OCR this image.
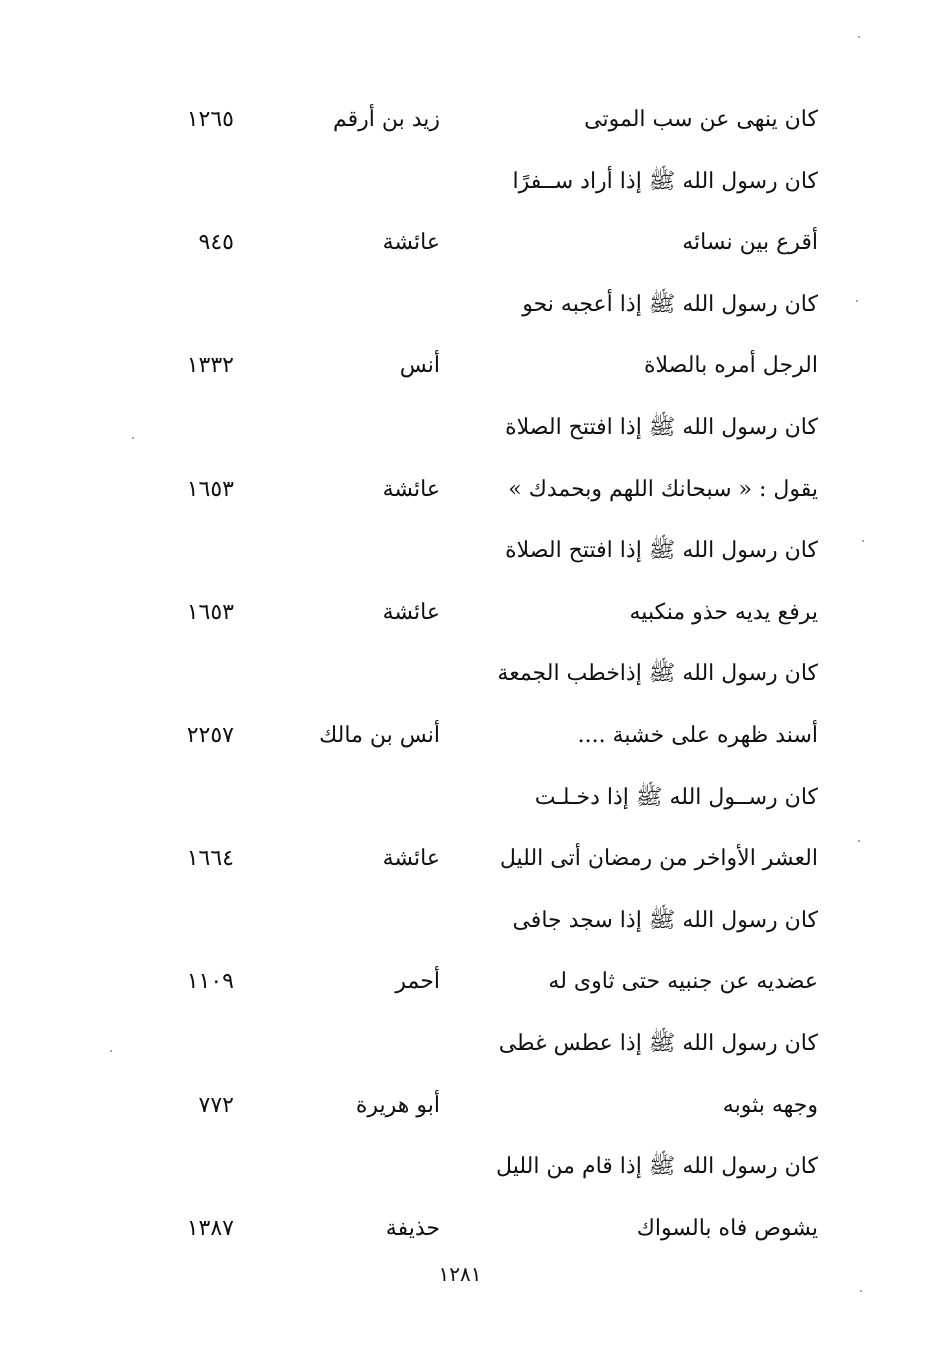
كان ينهى عن سب الموتى
زيد بن أرقم
١٢٦٥
كان رسول الله ﷺ إذا أراد ســفرًا
أقرع بين نسائه
عائشة
٩٤٥
كان رسول الله ﷺ إذا أعجبه نحو
الرجل أمره بالصلاة
أنس
١٣٣٢
كان رسول الله ﷺ إذا افتتح الصلاة
يقول : « سبحانك اللهم وبحمدك »
عائشة
١٦٥٣
كان رسول الله ﷺ إذا افتتح الصلاة
يرفع يديه حذو منكبيه
عائشة
١٦٥٣
كان رسول الله ﷺ إذاخطب الجمعة
أسند ظهره على خشبة ....
أنس بن مالك
٢٢٥٧
كان رســول الله ﷺ إذا دخـلـت
العشر الأواخر من رمضان أتى الليل
عائشة
١٦٦٤
كان رسول الله ﷺ إذا سجد جافى
عضديه عن جنبيه حتى ثاوى له
أحمر
١١٠٩
كان رسول الله ﷺ إذا عطس غطى
وجهه بثوبه
أبو هريرة
٧٧٢
كان رسول الله ﷺ إذا قام من الليل
يشوص فاه بالسواك
حذيفة
١٣٨٧
١٢٨١
